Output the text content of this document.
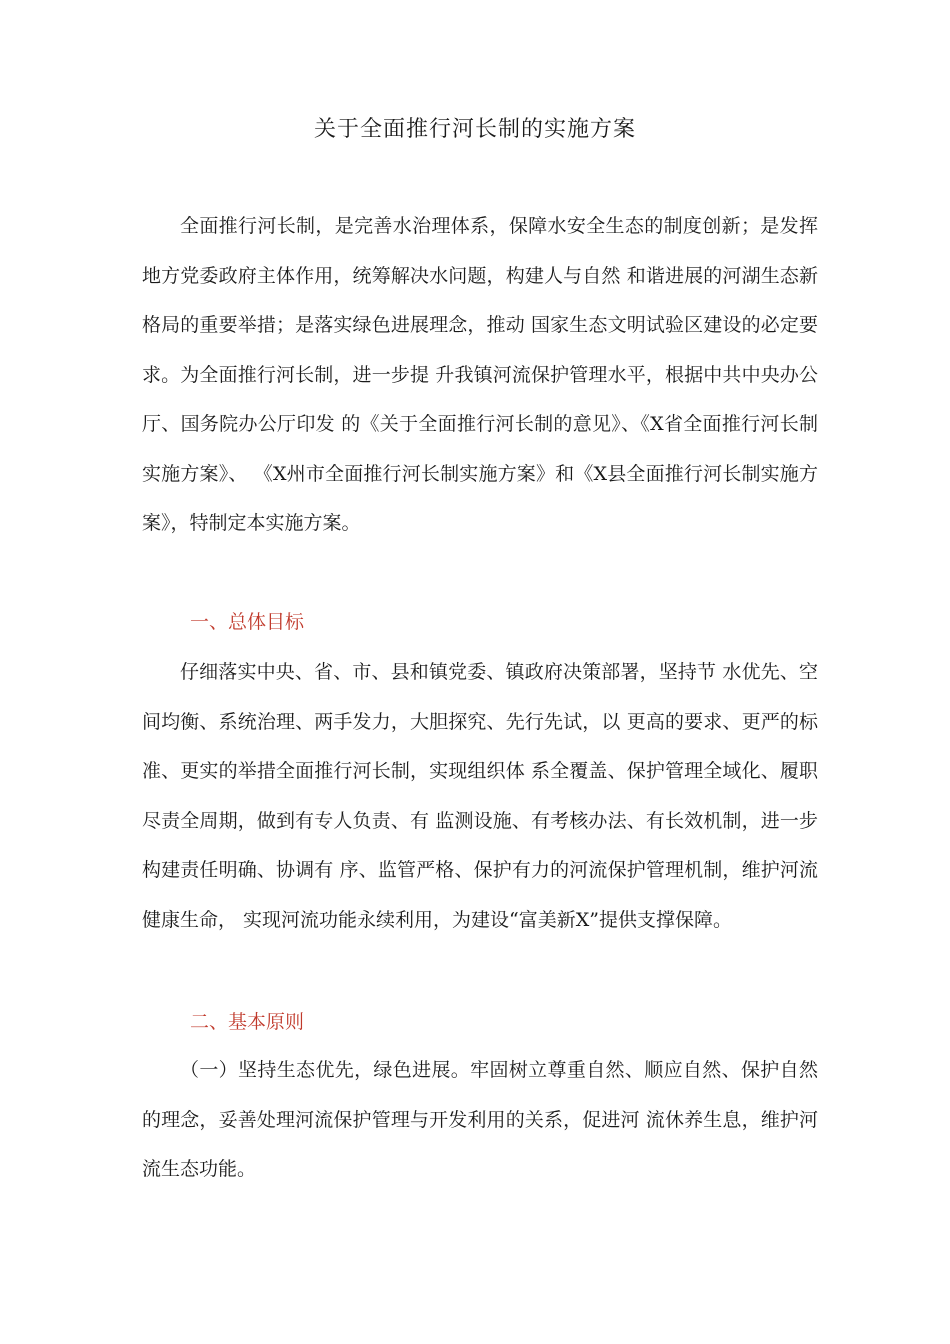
关于全面推行河长制的实施方案

全面推行河长制，是完善水治理体系，保障水安全生态的制度创新；是发挥地方党委政府主体作用，统筹解决水问题，构建人与自然 和谐进展的河湖生态新格局的重要举措；是落实绿色进展理念，推动 国家生态文明试验区建设的必定要求。为全面推行河长制，进一步提 升我镇河流保护管理水平，根据中共中央办公厅、国务院办公厅印发 的《关于全面推行河长制的意见》、《X省全面推行河长制实施方案》、 《X州市全面推行河长制实施方案》和《X县全面推行河长制实施方 案》，特制定本实施方案。

一、总体目标

仔细落实中央、省、市、县和镇党委、镇政府决策部署，坚持节 水优先、空间均衡、系统治理、两手发力，大胆探究、先行先试，以 更高的要求、更严的标准、更实的举措全面推行河长制，实现组织体 系全覆盖、保护管理全域化、履职尽责全周期，做到有专人负责、有 监测设施、有考核办法、有长效机制，进一步构建责任明确、协调有 序、监管严格、保护有力的河流保护管理机制，维护河流健康生命， 实现河流功能永续利用，为建设“富美新X”提供支撑保障。

二、基本原则

（一）坚持生态优先，绿色进展。牢固树立尊重自然、顺应自然、保护自然的理念，妥善处理河流保护管理与开发利用的关系，促进河 流休养生息，维护河流生态功能。
